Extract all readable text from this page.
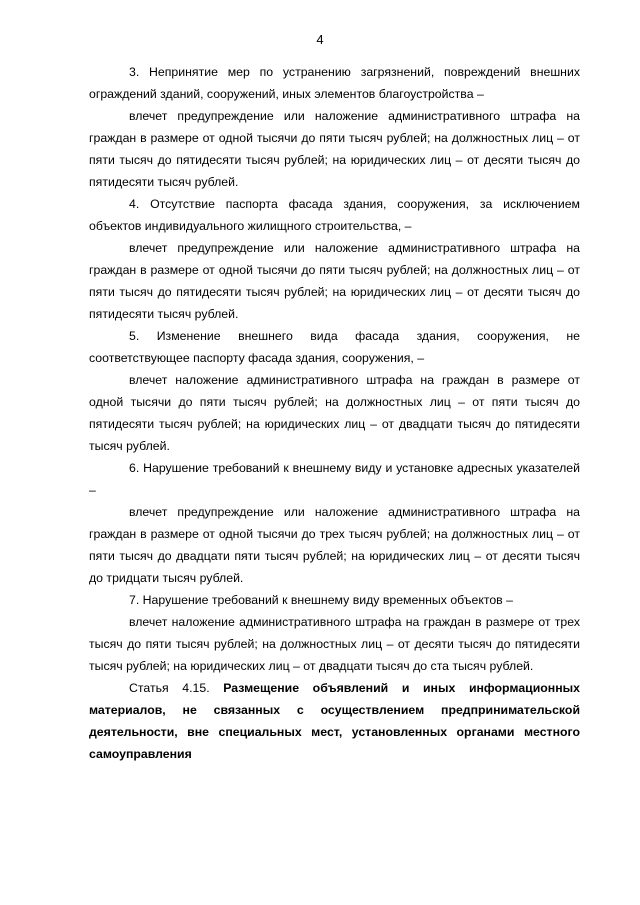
4

3. Непринятие мер по устранению загрязнений, повреждений внешних ограждений зданий, сооружений, иных элементов благоустройства –

влечет предупреждение или наложение административного штрафа на граждан в размере от одной тысячи до пяти тысяч рублей; на должностных лиц – от пяти тысяч до пятидесяти тысяч рублей; на юридических лиц – от десяти тысяч до пятидесяти тысяч рублей.

4. Отсутствие паспорта фасада здания, сооружения, за исключением объектов индивидуального жилищного строительства, –

влечет предупреждение или наложение административного штрафа на граждан в размере от одной тысячи до пяти тысяч рублей; на должностных лиц – от пяти тысяч до пятидесяти тысяч рублей; на юридических лиц – от десяти тысяч до пятидесяти тысяч рублей.

5. Изменение внешнего вида фасада здания, сооружения, не соответствующее паспорту фасада здания, сооружения, –

влечет наложение административного штрафа на граждан в размере от одной тысячи до пяти тысяч рублей; на должностных лиц – от пяти тысяч до пятидесяти тысяч рублей; на юридических лиц – от двадцати тысяч до пятидесяти тысяч рублей.

6. Нарушение требований к внешнему виду и установке адресных указателей –

влечет предупреждение или наложение административного штрафа на граждан в размере от одной тысячи до трех тысяч рублей; на должностных лиц – от пяти тысяч до двадцати пяти тысяч рублей; на юридических лиц – от десяти тысяч до тридцати тысяч рублей.

7. Нарушение требований к внешнему виду временных объектов –

влечет наложение административного штрафа на граждан в размере от трех тысяч до пяти тысяч рублей; на должностных лиц – от десяти тысяч до пятидесяти тысяч рублей; на юридических лиц – от двадцати тысяч до ста тысяч рублей.

Статья 4.15. Размещение объявлений и иных информационных материалов, не связанных с осуществлением предпринимательской деятельности, вне специальных мест, установленных органами местного самоуправления
